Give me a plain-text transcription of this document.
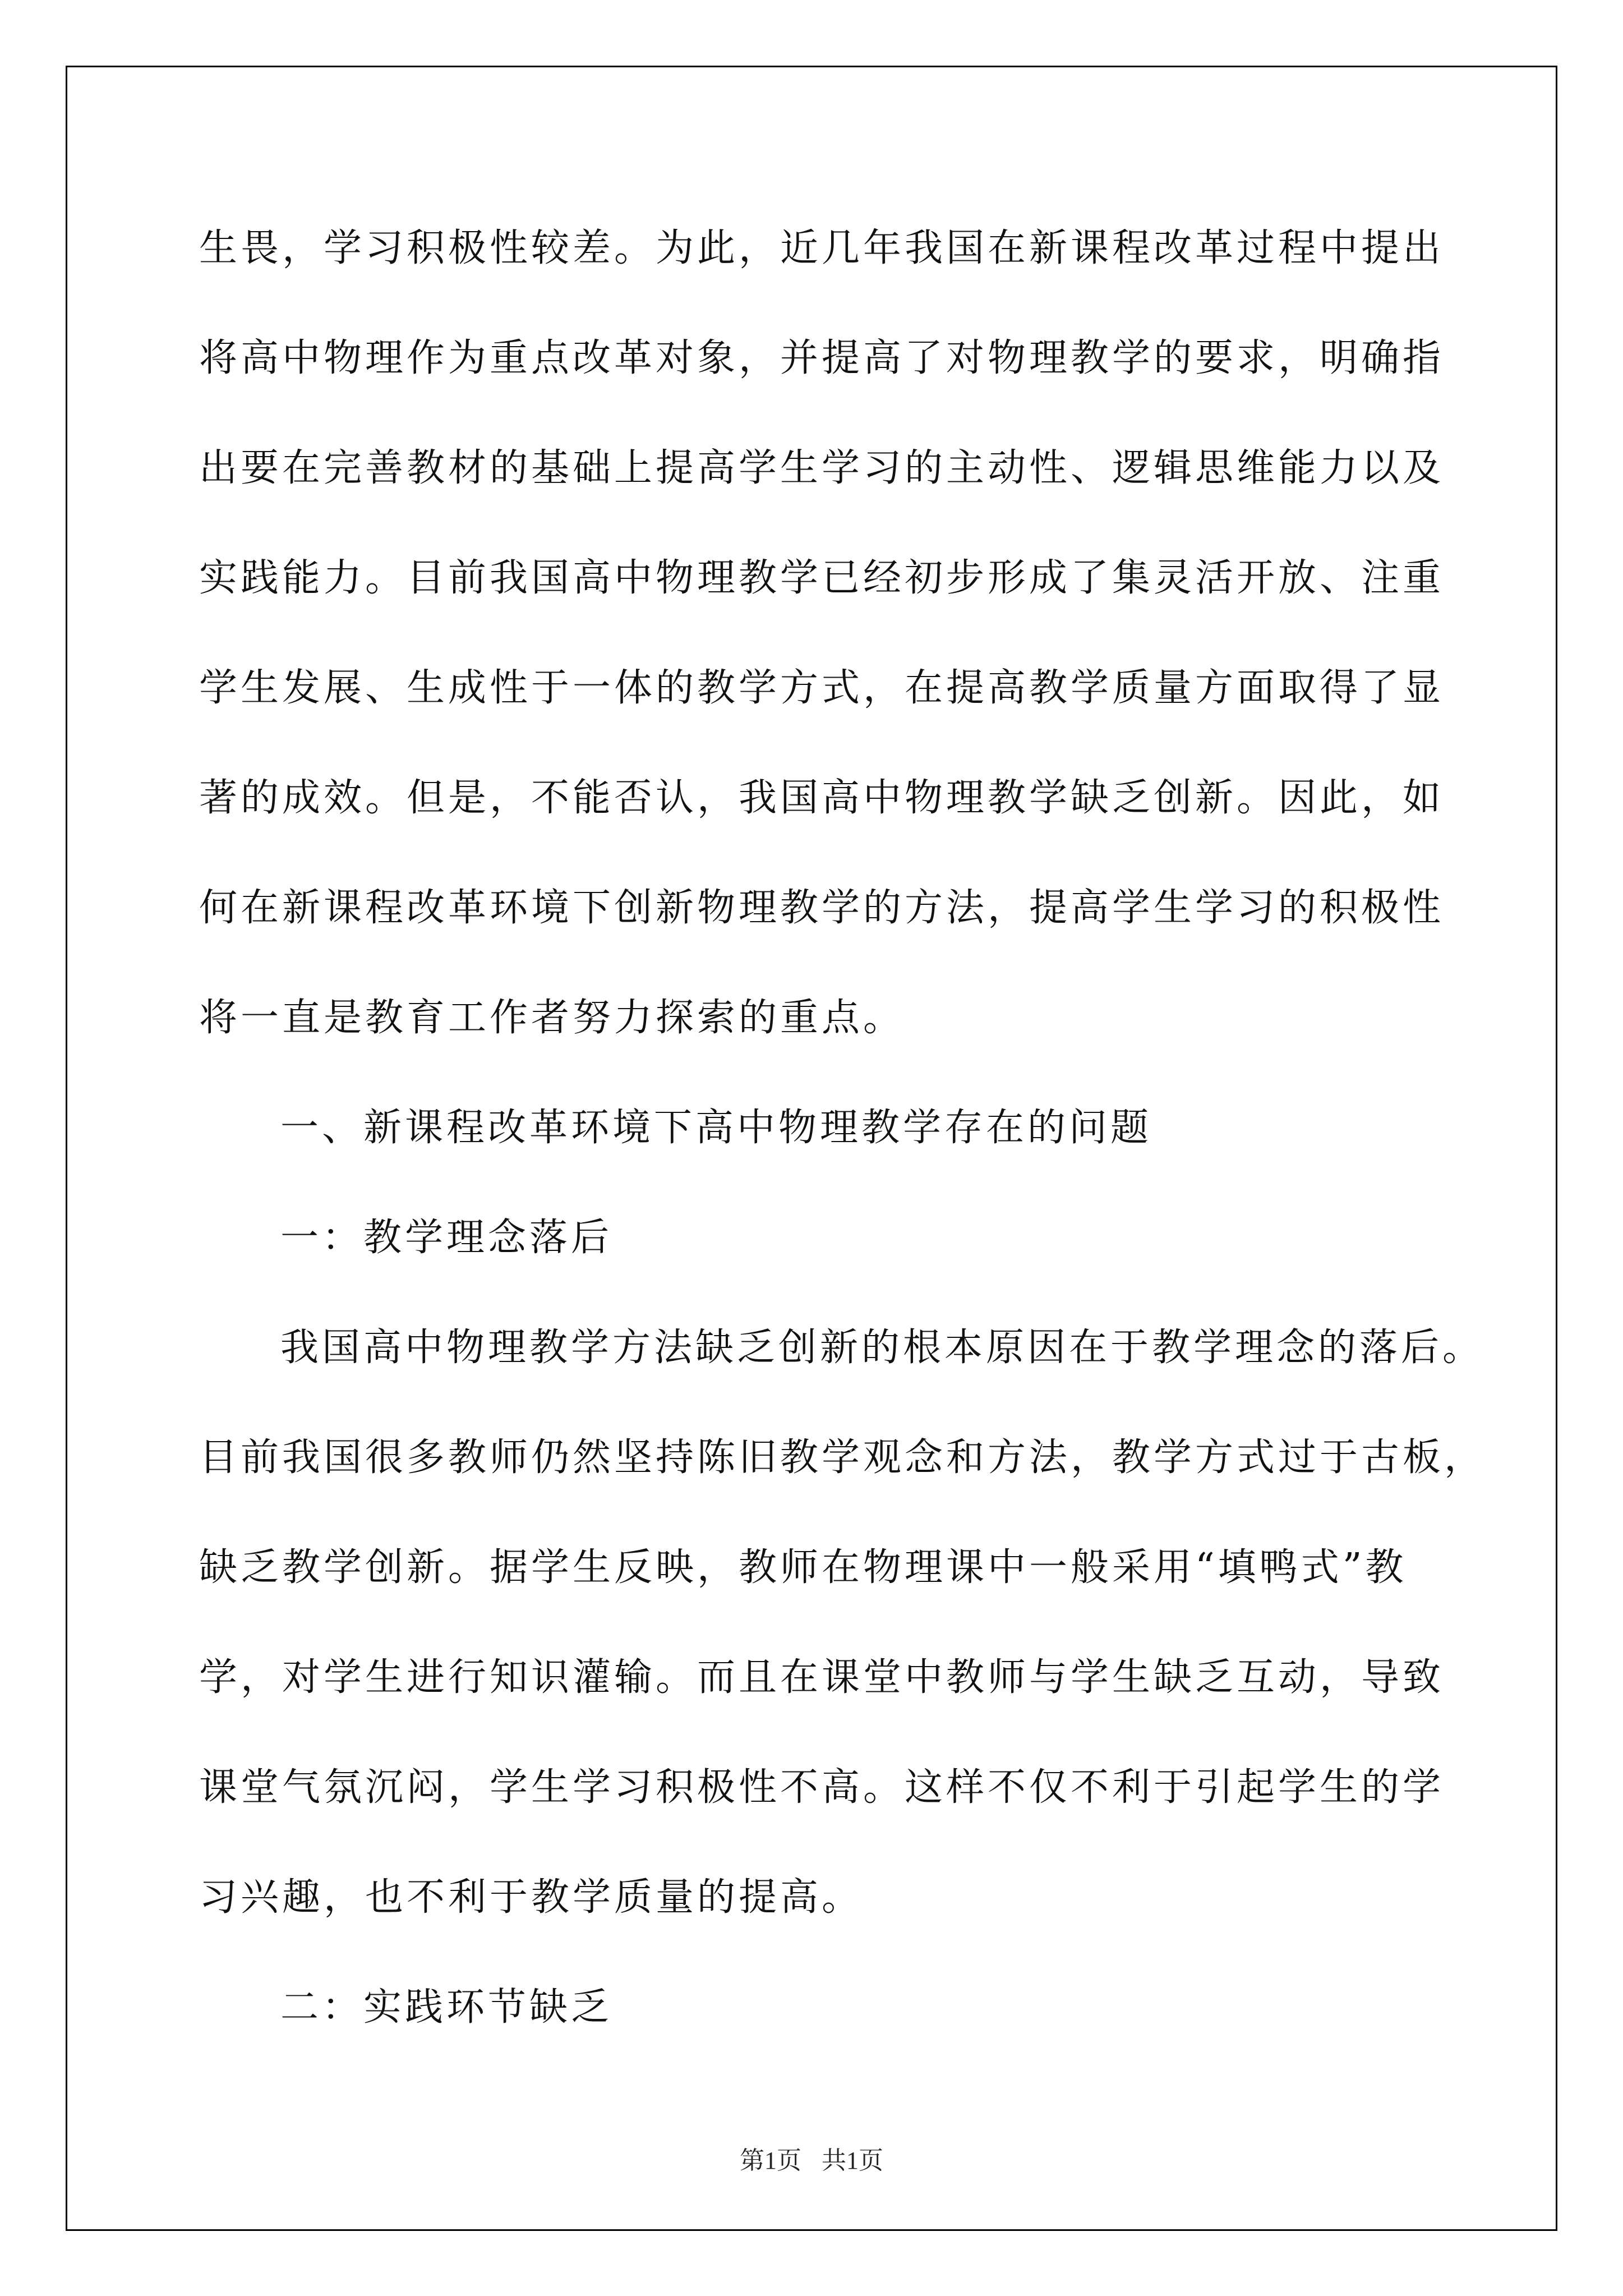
生畏，学习积极性较差。为此，近几年我国在新课程改革过程中提出
将高中物理作为重点改革对象，并提高了对物理教学的要求，明确指
出要在完善教材的基础上提高学生学习的主动性、逻辑思维能力以及
实践能力。目前我国高中物理教学已经初步形成了集灵活开放、注重
学生发展、生成性于一体的教学方式，在提高教学质量方面取得了显
著的成效。但是，不能否认，我国高中物理教学缺乏创新。因此，如
何在新课程改革环境下创新物理教学的方法，提高学生学习的积极性
将一直是教育工作者努力探索的重点。
一、新课程改革环境下高中物理教学存在的问题
一：教学理念落后
我国高中物理教学方法缺乏创新的根本原因在于教学理念的落后。
目前我国很多教师仍然坚持陈旧教学观念和方法，教学方式过于古板，
缺乏教学创新。据学生反映，教师在物理课中一般采用“填鸭式”教
学，对学生进行知识灌输。而且在课堂中教师与学生缺乏互动，导致
课堂气氛沉闷，学生学习积极性不高。这样不仅不利于引起学生的学
习兴趣，也不利于教学质量的提高。
二：实践环节缺乏
第1页 共1页
